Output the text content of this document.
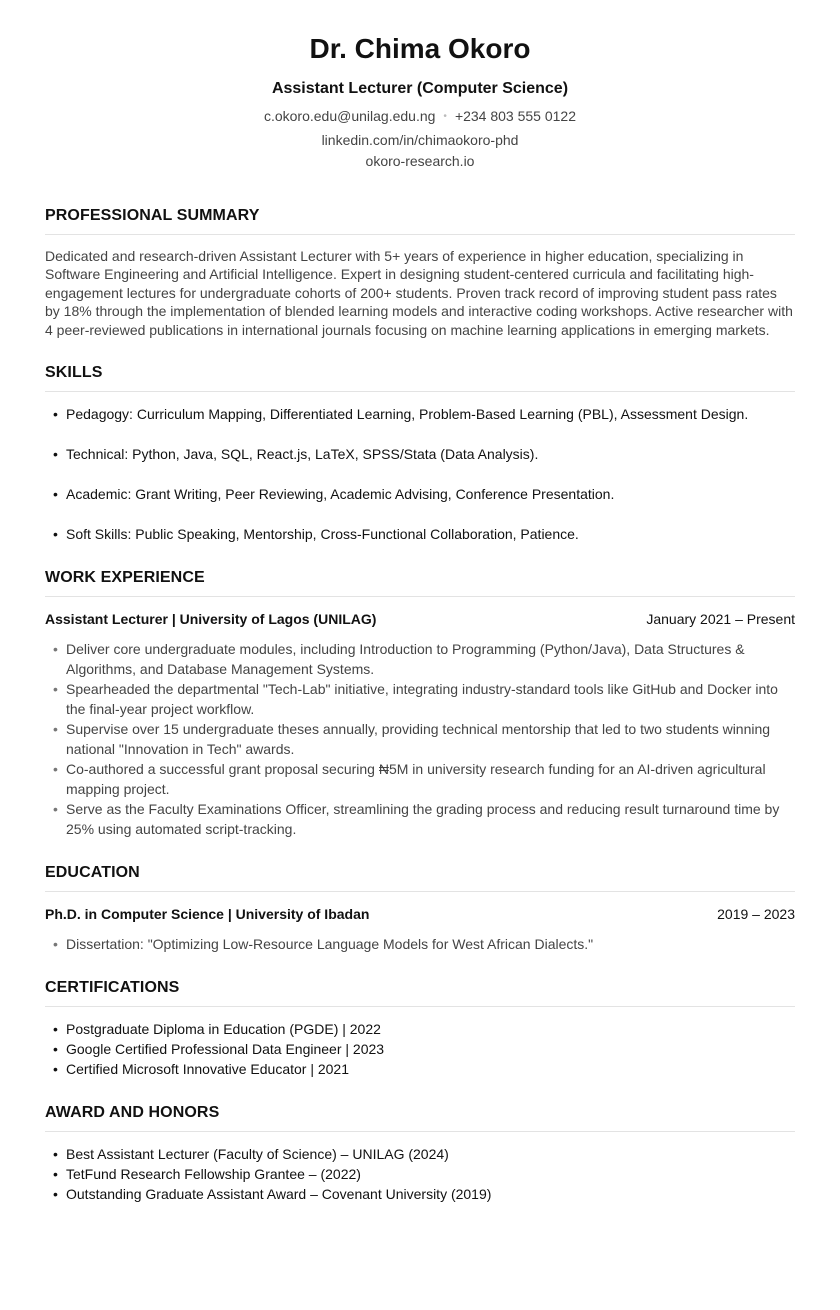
Dr. Chima Okoro
Assistant Lecturer (Computer Science)
c.okoro.edu@unilag.edu.ng • +234 803 555 0122
linkedin.com/in/chimaokoro-phd
okoro-research.io
PROFESSIONAL SUMMARY

Dedicated and research-driven Assistant Lecturer with 5+ years of experience in higher education, specializing in Software Engineering and Artificial Intelligence. Expert in designing student-centered curricula and facilitating high-engagement lectures for undergraduate cohorts of 200+ students. Proven track record of improving student pass rates by 18% through the implementation of blended learning models and interactive coding workshops. Active researcher with 4 peer-reviewed publications in international journals focusing on machine learning applications in emerging markets.

SKILLS
• Pedagogy: Curriculum Mapping, Differentiated Learning, Problem-Based Learning (PBL), Assessment Design.
• Technical: Python, Java, SQL, React.js, LaTeX, SPSS/Stata (Data Analysis).
• Academic: Grant Writing, Peer Reviewing, Academic Advising, Conference Presentation.
• Soft Skills: Public Speaking, Mentorship, Cross-Functional Collaboration, Patience.
WORK EXPERIENCE
Assistant Lecturer | University of Lagos (UNILAG)	January 2021 – Present
• Deliver core undergraduate modules, including Introduction to Programming (Python/Java), Data Structures & Algorithms, and Database Management Systems.
• Spearheaded the departmental "Tech-Lab" initiative, integrating industry-standard tools like GitHub and Docker into the final-year project workflow.
• Supervise over 15 undergraduate theses annually, providing technical mentorship that led to two students winning national "Innovation in Tech" awards.
• Co-authored a successful grant proposal securing ₦5M in university research funding for an AI-driven agricultural mapping project.
• Serve as the Faculty Examinations Officer, streamlining the grading process and reducing result turnaround time by 25% using automated script-tracking.
EDUCATION
Ph.D. in Computer Science | University of Ibadan	2019 – 2023
• Dissertation: "Optimizing Low-Resource Language Models for West African Dialects."
CERTIFICATIONS
• Postgraduate Diploma in Education (PGDE) | 2022
• Google Certified Professional Data Engineer | 2023
• Certified Microsoft Innovative Educator | 2021
AWARD AND HONORS
• Best Assistant Lecturer (Faculty of Science) – UNILAG (2024)
• TetFund Research Fellowship Grantee – (2022)
• Outstanding Graduate Assistant Award – Covenant University (2019)
